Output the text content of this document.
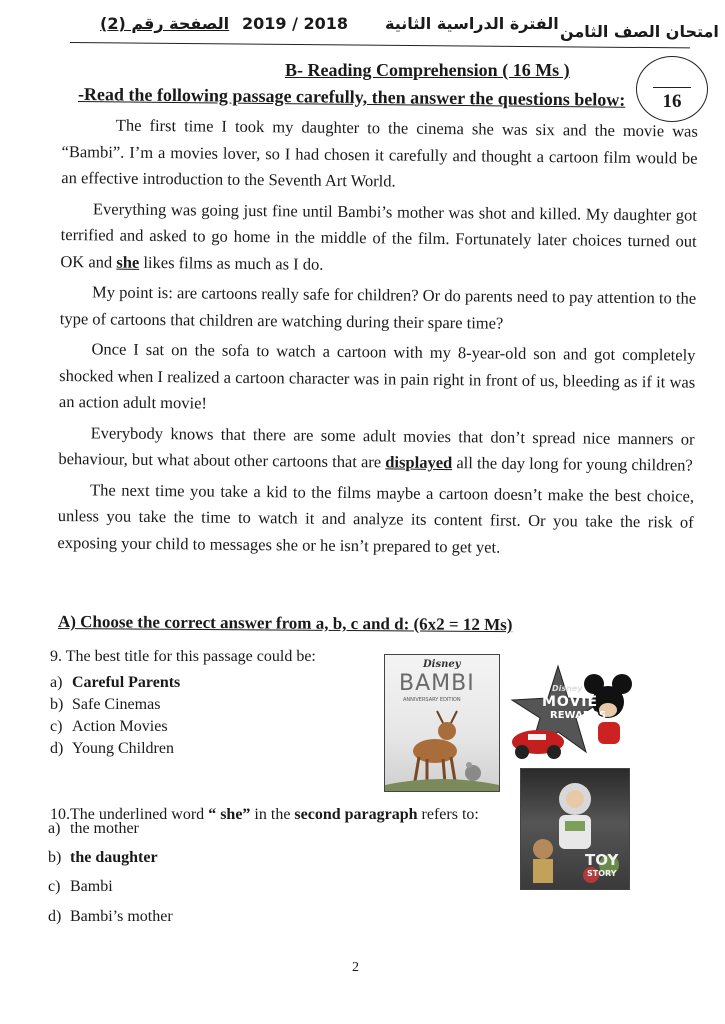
الصفحة رقم (2) 2019 / 2018 الفترة الدراسية الثانية امتحان الصف الثامن
B- Reading Comprehension ( 16 Ms )
-Read the following passage carefully, then answer the questions below:	16

The first time I took my daughter to the cinema she was six and the movie was “Bambi”. I’m a movies lover, so I had chosen it carefully and thought a cartoon film would be an effective introduction to the Seventh Art World.

Everything was going just fine until Bambi’s mother was shot and killed. My daughter got terrified and asked to go home in the middle of the film. Fortunately later choices turned out OK and she likes films as much as I do.

My point is: are cartoons really safe for children? Or do parents need to pay attention to the type of cartoons that children are watching during their spare time?

Once I sat on the sofa to watch a cartoon with my 8-year-old son and got completely shocked when I realized a cartoon character was in pain right in front of us, bleeding as if it was an action adult movie!

Everybody knows that there are some adult movies that don’t spread nice manners or behaviour, but what about other cartoons that are displayed all the day long for young children?

The next time you take a kid to the films maybe a cartoon doesn’t make the best choice, unless you take the time to watch it and analyze its content first. Or you take the risk of exposing your child to messages she or he isn’t prepared to get yet.

A) Choose the correct answer from a, b, c and d: (6x2 = 12 Ms)
9. The best title for this passage could be:
a) Careful Parents
b) Safe Cinemas
c) Action Movies
d) Young Children
10.The underlined word “ she” in the second paragraph refers to:
a) the mother
b) the daughter
c) Bambi
d) Bambi’s mother
Disney
BAMBI
ANNIVERSARY EDITION
Disney
MOVIE
REWARDS
TOY
STORY
2
